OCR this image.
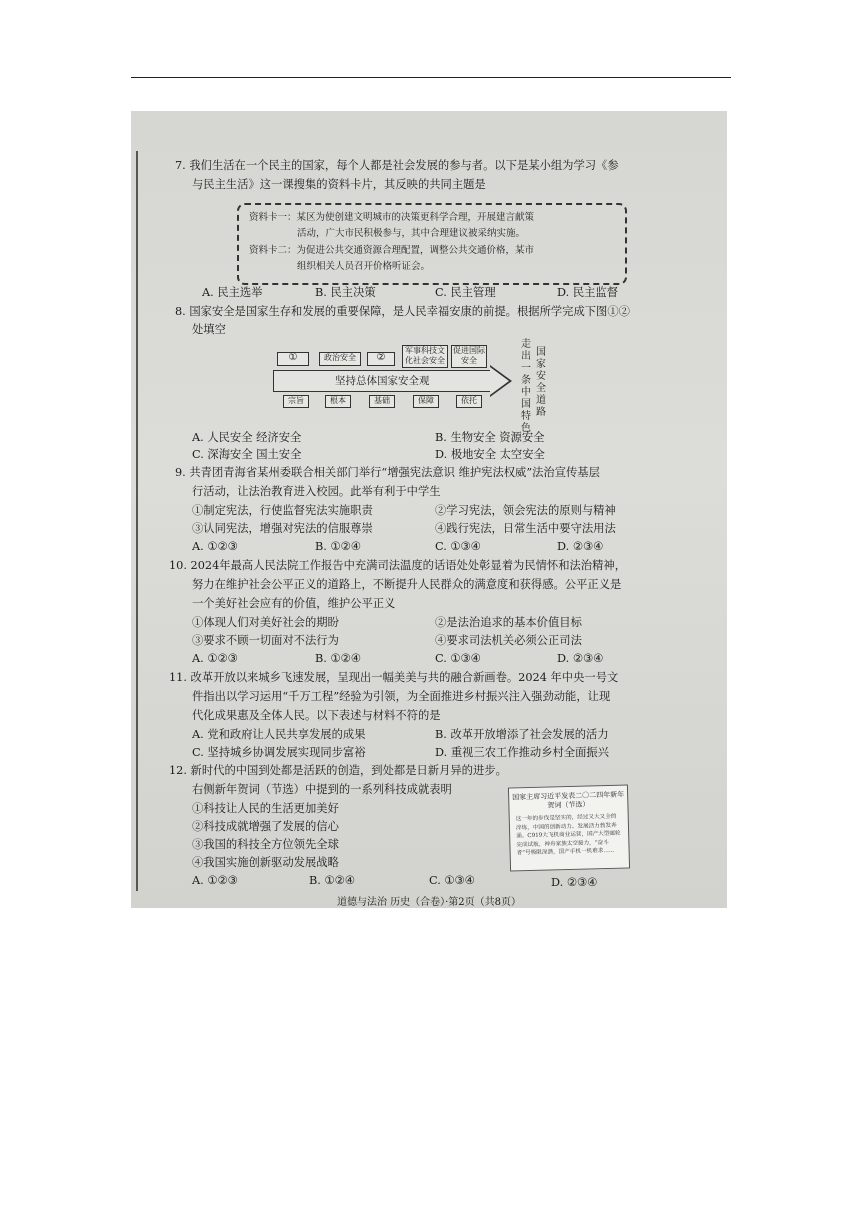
7. 我们生活在一个民主的国家，每个人都是社会发展的参与者。以下是某小组为学习《参
与民主生活》这一课搜集的资料卡片，其反映的共同主题是
资料卡一：某区为使创建文明城市的决策更科学合理，开展建言献策
活动，广大市民积极参与，其中合理建议被采纳实施。
资料卡二：为促进公共交通资源合理配置，调整公共交通价格，某市
组织相关人员召开价格听证会。
A. 民主选举	B. 民主决策	C. 民主管理	D. 民主监督
8. 国家安全是国家生存和发展的重要保障，是人民幸福安康的前提。根据所学完成下图①②
处填空
①	政治安全	②
军事科技文化社会安全
促进国际安全
坚持总体国家安全观
宗旨	根本	基础	保障	依托
走出一条中国特色
国家安全道路
A. 人民安全 经济安全	B. 生物安全 资源安全
C. 深海安全 国土安全	D. 极地安全 太空安全
9. 共青团青海省某州委联合相关部门举行“增强宪法意识 维护宪法权威”法治宣传基层
行活动，让法治教育进入校园。此举有利于中学生
①制定宪法，行使监督宪法实施职责	②学习宪法，领会宪法的原则与精神
③认同宪法，增强对宪法的信服尊崇	④践行宪法，日常生活中要守法用法
A. ①②③	B. ①②④	C. ①③④	D. ②③④
10. 2024年最高人民法院工作报告中充满司法温度的话语处处彰显着为民情怀和法治精神，
努力在维护社会公平正义的道路上，不断提升人民群众的满意度和获得感。公平正义是
一个美好社会应有的价值，维护公平正义
①体现人们对美好社会的期盼	②是法治追求的基本价值目标
③要求不顾一切面对不法行为	④要求司法机关必须公正司法
A. ①②③	B. ①②④	C. ①③④	D. ②③④
11. 改革开放以来城乡飞速发展，呈现出一幅美美与共的融合新画卷。2024 年中央一号文
件指出以学习运用“千万工程”经验为引领，为全面推进乡村振兴注入强劲动能，让现
代化成果惠及全体人民。以下表述与材料不符的是
A. 党和政府让人民共享发展的成果	B. 改革开放增添了社会发展的活力
C. 坚持城乡协调发展实现同步富裕	D. 重视三农工作推动乡村全面振兴
12. 新时代的中国到处都是活跃的创造，到处都是日新月异的进步。
右侧新年贺词（节选）中提到的一系列科技成就表明
①科技让人民的生活更加美好
②科技成就增强了发展的信心
③我国的科技全方位领先全球
④我国实施创新驱动发展战略
A. ①②③	B. ①②④	C. ①③④	D. ②③④
国家主席习近平发表二〇二四年新年贺词（节选）
这一年的步伐是坚实的，经过又大又全的淬炼，中国的创新动力、发展活力勃发奔涌。C919大飞机商业运营，国产大型邮轮完成试航，神舟家族太空接力，“奋斗者”号极限深潜，国产手机一机难求……
道德与法治 历史（合卷）·第2页（共8页）
